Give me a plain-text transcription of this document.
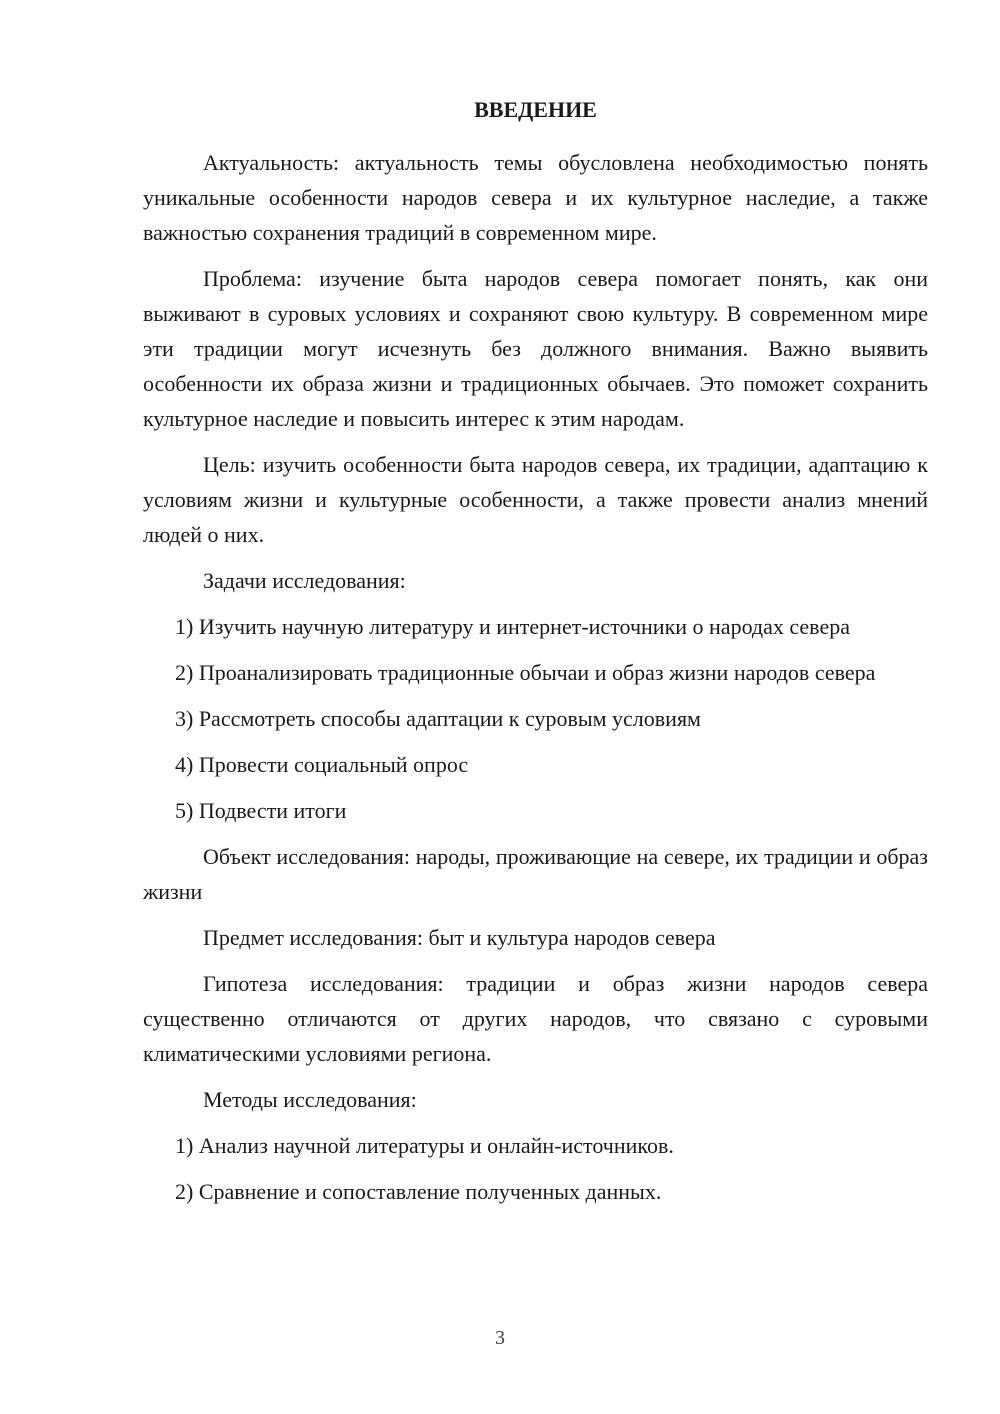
ВВЕДЕНИЕ

Актуальность: актуальность темы обусловлена необходимостью понять уникальные особенности народов севера и их культурное наследие, а также важностью сохранения традиций в современном мире.

Проблема: изучение быта народов севера помогает понять, как они выживают в суровых условиях и сохраняют свою культуру. В современном мире эти традиции могут исчезнуть без должного внимания. Важно выявить особенности их образа жизни и традиционных обычаев. Это поможет сохранить культурное наследие и повысить интерес к этим народам.

Цель: изучить особенности быта народов севера, их традиции, адаптацию к условиям жизни и культурные особенности, а также провести анализ мнений людей о них.

Задачи исследования:

1) Изучить научную литературу и интернет-источники о народах севера

2) Проанализировать традиционные обычаи и образ жизни народов севера

3) Рассмотреть способы адаптации к суровым условиям

4) Провести социальный опрос

5) Подвести итоги

Объект исследования: народы, проживающие на севере, их традиции и образ жизни

Предмет исследования: быт и культура народов севера

Гипотеза исследования: традиции и образ жизни народов севера существенно отличаются от других народов, что связано с суровыми климатическими условиями региона.

Методы исследования:

1) Анализ научной литературы и онлайн-источников.

2) Сравнение и сопоставление полученных данных.

3
